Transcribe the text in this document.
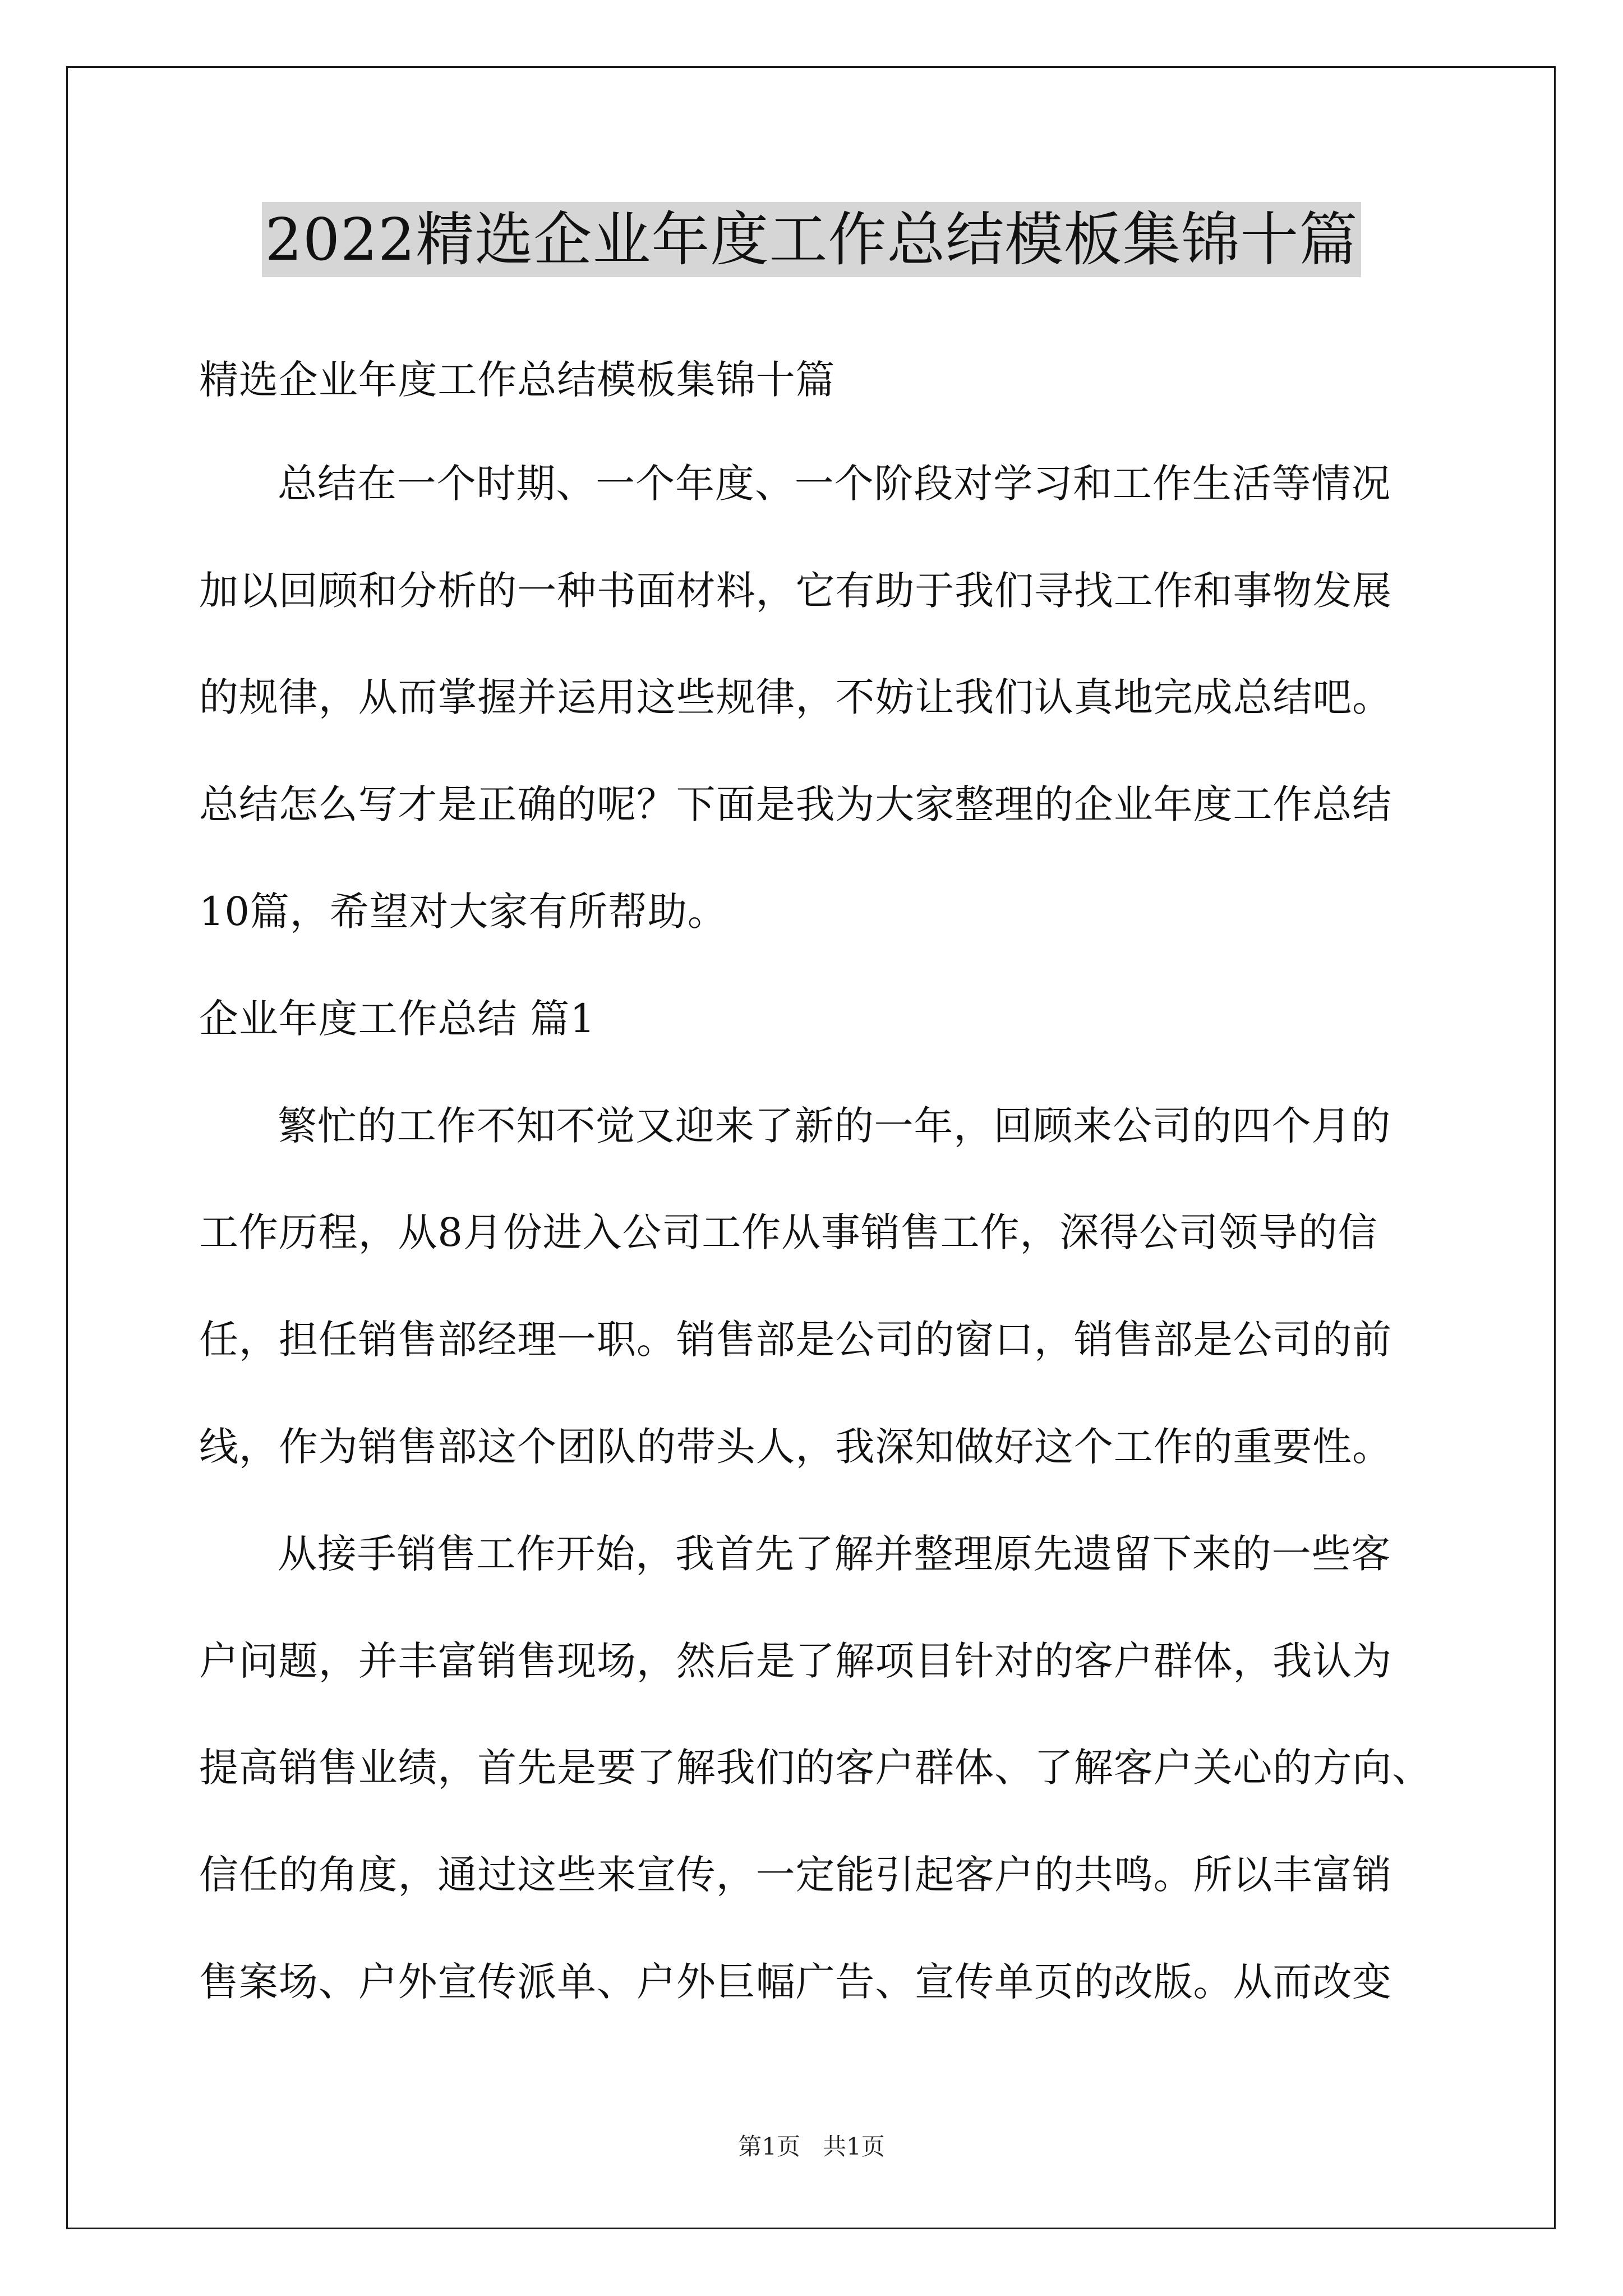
2022精选企业年度工作总结模板集锦十篇
精选企业年度工作总结模板集锦十篇
总结在一个时期、一个年度、一个阶段对学习和工作生活等情况
加以回顾和分析的一种书面材料，它有助于我们寻找工作和事物发展
的规律，从而掌握并运用这些规律，不妨让我们认真地完成总结吧。
总结怎么写才是正确的呢？下面是我为大家整理的企业年度工作总结
10篇，希望对大家有所帮助。
企业年度工作总结 篇1
繁忙的工作不知不觉又迎来了新的一年，回顾来公司的四个月的
工作历程，从8月份进入公司工作从事销售工作，深得公司领导的信
任，担任销售部经理一职。销售部是公司的窗口，销售部是公司的前
线，作为销售部这个团队的带头人，我深知做好这个工作的重要性。
从接手销售工作开始，我首先了解并整理原先遗留下来的一些客
户问题，并丰富销售现场，然后是了解项目针对的客户群体，我认为
提高销售业绩，首先是要了解我们的客户群体、了解客户关心的方向、
信任的角度，通过这些来宣传，一定能引起客户的共鸣。所以丰富销
售案场、户外宣传派单、户外巨幅广告、宣传单页的改版。从而改变
第1页   共1页
